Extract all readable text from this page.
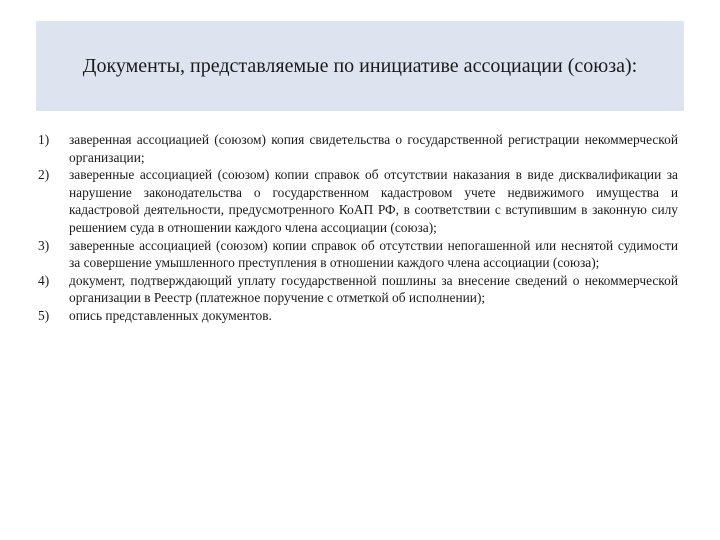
Документы, представляемые по инициативе ассоциации (союза):
1)	заверенная ассоциацией (союзом) копия свидетельства о государственной регистрации некоммерческой организации;
2)	заверенные ассоциацией (союзом) копии справок об отсутствии наказания в виде дисквалификации за нарушение законодательства о государственном кадастровом учете недвижимого имущества и кадастровой деятельности, предусмотренного КоАП РФ, в соответствии с вступившим в законную силу решением суда в отношении каждого члена ассоциации (союза);
3)	заверенные ассоциацией (союзом) копии справок об отсутствии непогашенной или неснятой судимости за совершение умышленного преступления в отношении каждого члена ассоциации (союза);
4)	документ, подтверждающий уплату государственной пошлины за внесение сведений о некоммерческой организации в Реестр (платежное поручение с отметкой об исполнении);
5)	опись представленных документов.
